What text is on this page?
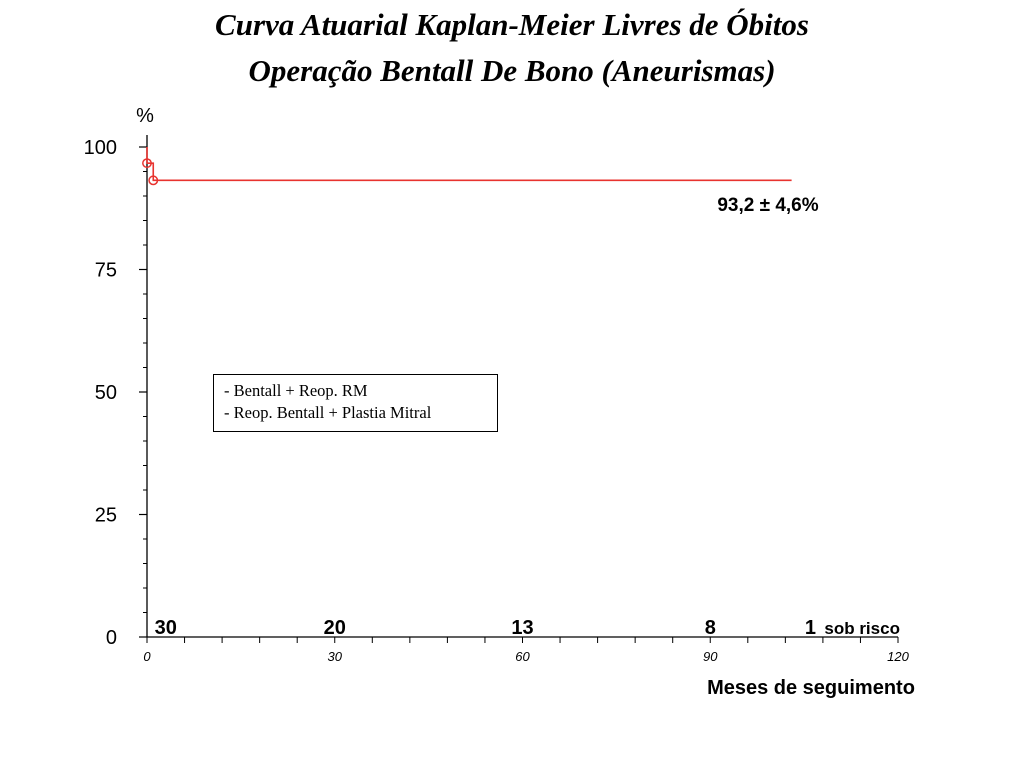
Curva Atuarial Kaplan-Meier Livres de Óbitos
Operação Bentall De Bono (Aneurismas)
0
25
50
75
100
0	30	60	90	120
%
Meses de seguimento
93,2 ± 4,6%
30	20	13	8	1 sob risco
- Bentall + Reop. RM
- Reop. Bentall + Plastia Mitral
